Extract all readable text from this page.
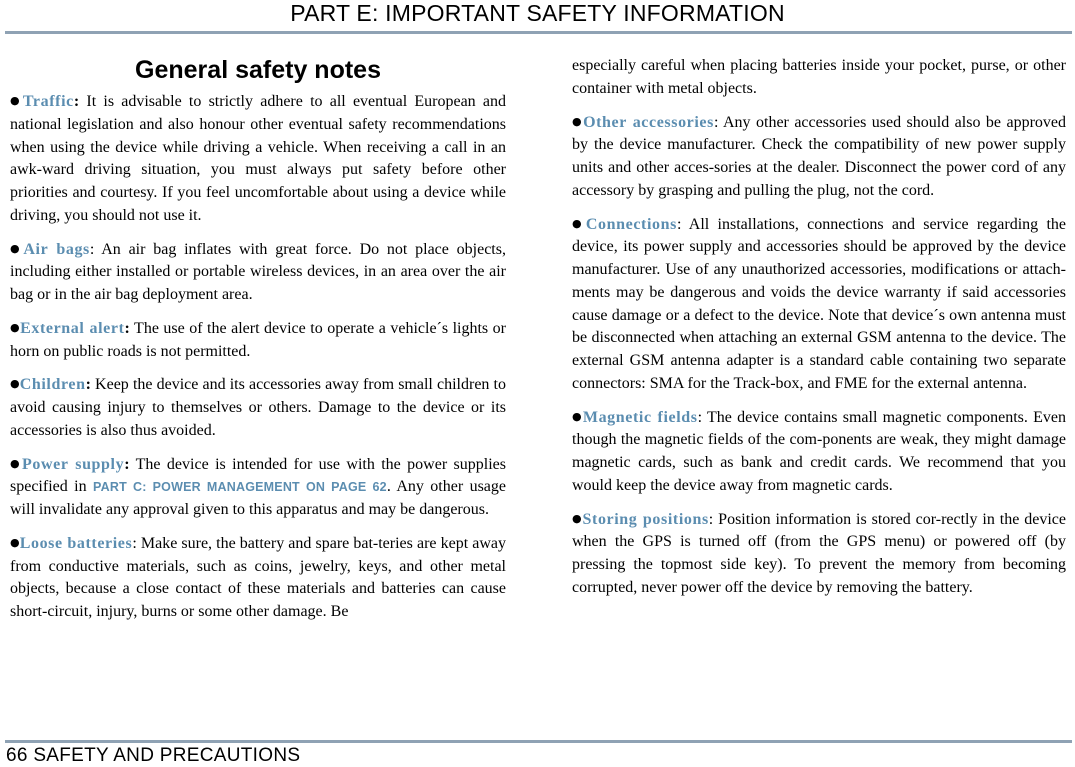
PART E: IMPORTANT SAFETY INFORMATION
General safety notes

●Traffic: It is advisable to strictly adhere to all eventual European and national legislation and also honour other eventual safety recommendations when using the device while driving a vehicle. When receiving a call in an awk-ward driving situation, you must always put safety before other priorities and courtesy. If you feel uncomfortable about using a device while driving, you should not use it.

●Air bags: An air bag inflates with great force. Do not place objects, including either installed or portable wireless devices, in an area over the air bag or in the air bag deployment area.

●External alert: The use of the alert device to operate a vehicle´s lights or horn on public roads is not permitted.

●Children: Keep the device and its accessories away from small children to avoid causing injury to themselves or others. Damage to the device or its accessories is also thus avoided.

●Power supply: The device is intended for use with the power supplies specified in PART C: POWER MANAGEMENT ON PAGE 62. Any other usage will invalidate any approval given to this apparatus and may be dangerous.

●Loose batteries: Make sure, the battery and spare bat-teries are kept away from conductive materials, such as coins, jewelry, keys, and other metal objects, because a close contact of these materials and batteries can cause short-circuit, injury, burns or some other damage. Be

especially careful when placing batteries inside your pocket, purse, or other container with metal objects.

●Other accessories: Any other accessories used should also be approved by the device manufacturer. Check the compatibility of new power supply units and other acces-sories at the dealer. Disconnect the power cord of any accessory by grasping and pulling the plug, not the cord.

●Connections: All installations, connections and service regarding the device, its power supply and accessories should be approved by the device manufacturer. Use of any unauthorized accessories, modifications or attach-ments may be dangerous and voids the device warranty if said accessories cause damage or a defect to the device. Note that device´s own antenna must be disconnected when attaching an external GSM antenna to the device. The external GSM antenna adapter is a standard cable containing two separate connectors: SMA for the Track-box, and FME for the external antenna.

●Magnetic fields: The device contains small magnetic components. Even though the magnetic fields of the com-ponents are weak, they might damage magnetic cards, such as bank and credit cards. We recommend that you would keep the device away from magnetic cards.

●Storing positions: Position information is stored cor-rectly in the device when the GPS is turned off (from the GPS menu) or powered off (by pressing the topmost side key). To prevent the memory from becoming corrupted, never power off the device by removing the battery.

66 SAFETY AND PRECAUTIONS
